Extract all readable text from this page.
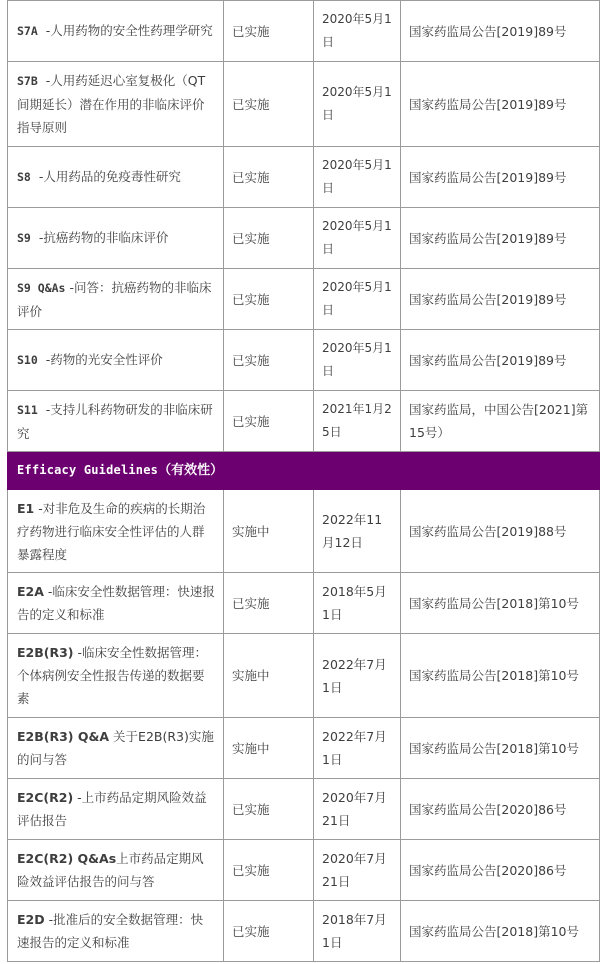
S7A -人用药物的安全性药理学研究	已实施	2020年5月1日	国家药监局公告[2019]89号
S7B -人用药延迟心室复极化（QT间期延长）潜在作用的非临床评价指导原则	已实施	2020年5月1日	国家药监局公告[2019]89号
S8 -人用药品的免疫毒性研究	已实施	2020年5月1日	国家药监局公告[2019]89号
S9 -抗癌药物的非临床评价	已实施	2020年5月1日	国家药监局公告[2019]89号
S9 Q&As -问答：抗癌药物的非临床评价	已实施	2020年5月1日	国家药监局公告[2019]89号
S10 -药物的光安全性评价	已实施	2020年5月1日	国家药监局公告[2019]89号
S11 -支持儿科药物研发的非临床研究	已实施	2021年1月25日	国家药监局，中国公告[2021]第15号）
Efficacy Guidelines（有效性）			
E1 -对非危及生命的疾病的长期治疗药物进行临床安全性评估的人群暴露程度	实施中	2022年11月12日	国家药监局公告[2019]88号
E2A -临床安全性数据管理：快速报告的定义和标准	已实施	2018年5月1日	国家药监局公告[2018]第10号
E2B(R3) -临床安全性数据管理：个体病例安全性报告传递的数据要素	实施中	2022年7月1日	国家药监局公告[2018]第10号
E2B(R3) Q&A 关于E2B(R3)实施的问与答	实施中	2022年7月1日	国家药监局公告[2018]第10号
E2C(R2) -上市药品定期风险效益评估报告	已实施	2020年7月21日	国家药监局公告[2020]86号
E2C(R2) Q&As上市药品定期风险效益评估报告的问与答	已实施	2020年7月21日	国家药监局公告[2020]86号
E2D -批准后的安全数据管理：快速报告的定义和标准	已实施	2018年7月1日	国家药监局公告[2018]第10号
